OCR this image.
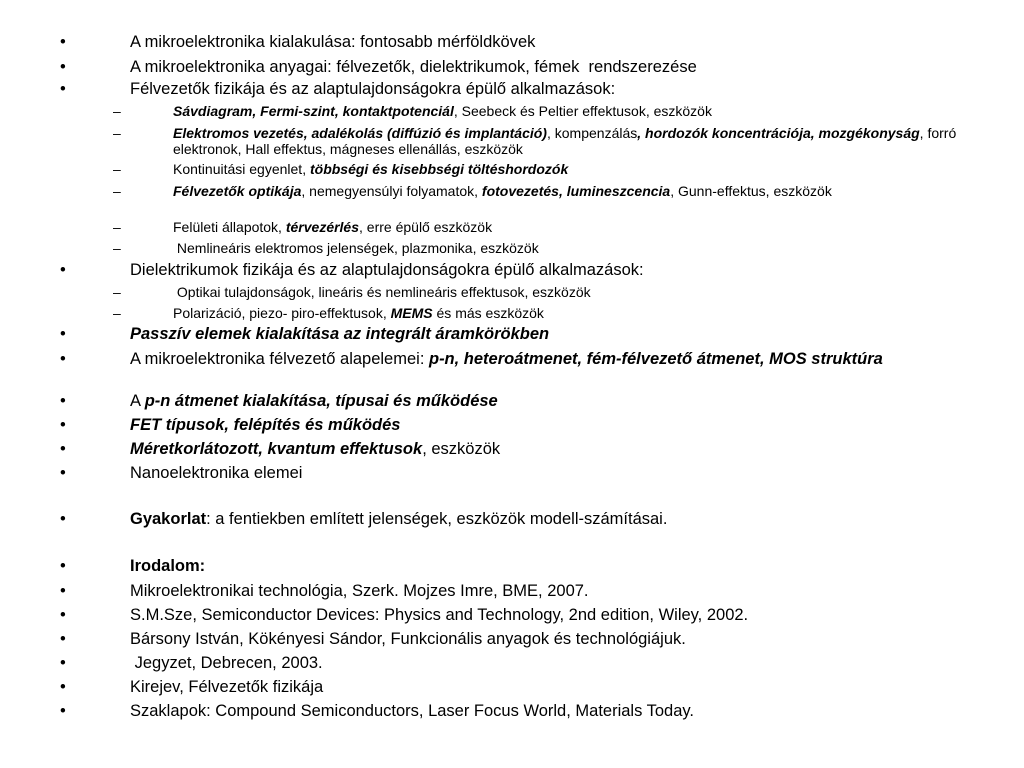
•	A mikroelektronika kialakulása: fontosabb mérföldkövek
•	A mikroelektronika anyagai: félvezetők, dielektrikumok, fémek  rendszerezése
•	Félvezetők fizikája és az alaptulajdonságokra épülő alkalmazások:
–	Sávdiagram, Fermi-szint, kontaktpotenciál, Seebeck és Peltier effektusok, eszközök
–	Elektromos vezetés, adalékolás (diffúzió és implantáció), kompenzálás, hordozók koncentrációja, mozgékonyság, forró elektronok, Hall effektus, mágneses ellenállás, eszközök
–	Kontinuitási egyenlet, többségi és kisebbségi töltéshordozók
–	Félvezetők optikája, nemegyensúlyi folyamatok, fotovezetés, lumineszcencia, Gunn-effektus, eszközök
–	Felületi állapotok, térvezérlés, erre épülő eszközök
–	Nemlineáris elektromos jelenségek, plazmonika, eszközök
•	Dielektrikumok fizikája és az alaptulajdonságokra épülő alkalmazások:
–	Optikai tulajdonságok, lineáris és nemlineáris effektusok, eszközök
–	Polarizáció, piezo- piro-effektusok, MEMS és más eszközök
•	Passzív elemek kialakítása az integrált áramkörökben
•	A mikroelektronika félvezető alapelemei: p-n, heteroátmenet, fém-félvezető átmenet, MOS struktúra
•	A p-n átmenet kialakítása, típusai és működése
•	FET típusok, felépítés és működés
•	Méretkorlátozott, kvantum effektusok, eszközök
•	Nanoelektronika elemei
•	Gyakorlat: a fentiekben említett jelenségek, eszközök modell-számításai.
•	Irodalom:
•	Mikroelektronikai technológia, Szerk. Mojzes Imre, BME, 2007.
•	S.M.Sze, Semiconductor Devices: Physics and Technology, 2nd edition, Wiley, 2002.
•	Bársony István, Kökényesi Sándor, Funkcionális anyagok és technológiájuk.
•	Jegyzet, Debrecen, 2003.
•	Kirejev, Félvezetők fizikája
•	Szaklapok: Compound Semiconductors, Laser Focus World, Materials Today.
